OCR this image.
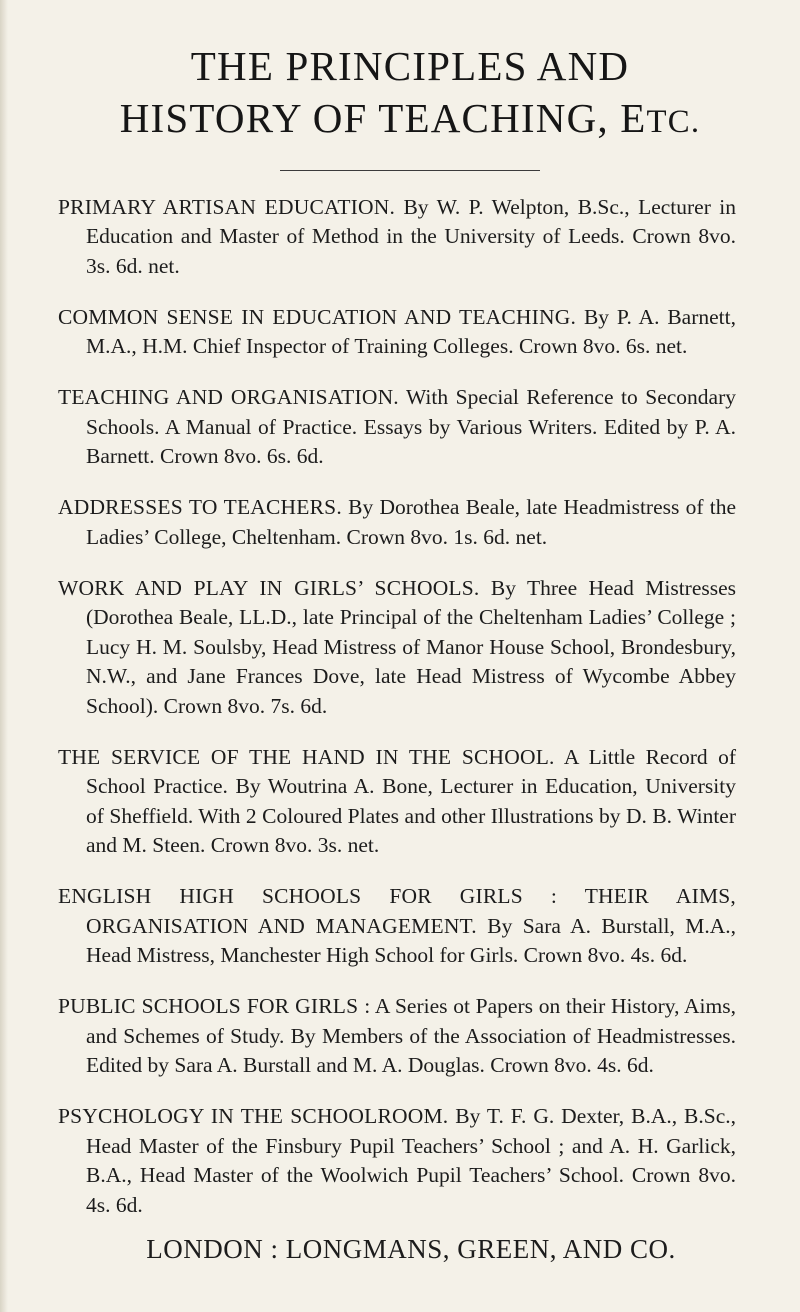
THE PRINCIPLES AND
HISTORY OF TEACHING, ETC.

PRIMARY ARTISAN EDUCATION. By W. P. Welpton, B.Sc., Lecturer in Education and Master of Method in the University of Leeds. Crown 8vo. 3s. 6d. net.

COMMON SENSE IN EDUCATION AND TEACHING. By P. A. Barnett, M.A., H.M. Chief Inspector of Training Colleges. Crown 8vo. 6s. net.

TEACHING AND ORGANISATION. With Special Reference to Secondary Schools. A Manual of Practice. Essays by Various Writers. Edited by P. A. Barnett. Crown 8vo. 6s. 6d.

ADDRESSES TO TEACHERS. By Dorothea Beale, late Headmistress of the Ladies’ College, Cheltenham. Crown 8vo. 1s. 6d. net.

WORK AND PLAY IN GIRLS’ SCHOOLS. By Three Head Mistresses (Dorothea Beale, LL.D., late Principal of the Cheltenham Ladies’ College ; Lucy H. M. Soulsby, Head Mistress of Manor House School, Brondesbury, N.W., and Jane Frances Dove, late Head Mistress of Wycombe Abbey School). Crown 8vo. 7s. 6d.

THE SERVICE OF THE HAND IN THE SCHOOL. A Little Record of School Practice. By Woutrina A. Bone, Lecturer in Education, University of Sheffield. With 2 Coloured Plates and other Illustrations by D. B. Winter and M. Steen. Crown 8vo. 3s. net.

ENGLISH HIGH SCHOOLS FOR GIRLS : THEIR AIMS, ORGANISATION AND MANAGEMENT. By Sara A. Burstall, M.A., Head Mistress, Manchester High School for Girls. Crown 8vo. 4s. 6d.

PUBLIC SCHOOLS FOR GIRLS : A Series ot Papers on their History, Aims, and Schemes of Study. By Members of the Association of Headmistresses. Edited by Sara A. Burstall and M. A. Douglas. Crown 8vo. 4s. 6d.

PSYCHOLOGY IN THE SCHOOLROOM. By T. F. G. Dexter, B.A., B.Sc., Head Master of the Finsbury Pupil Teachers’ School ; and A. H. Garlick, B.A., Head Master of the Woolwich Pupil Teachers’ School. Crown 8vo. 4s. 6d.

LONDON : LONGMANS, GREEN, AND CO.
